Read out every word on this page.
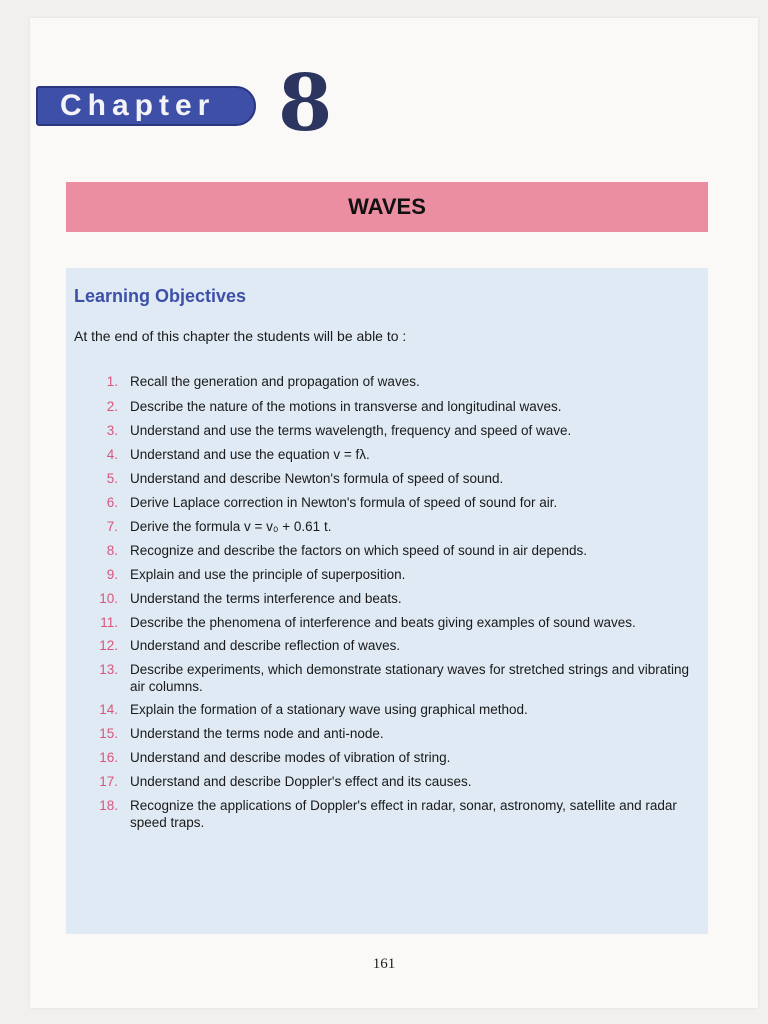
Chapter 8
WAVES
Learning Objectives
At the end of this chapter the students will be able to :
1. Recall the generation and propagation of waves.
2. Describe the nature of the motions in transverse and longitudinal waves.
3. Understand and use the terms wavelength, frequency and speed of wave.
4. Understand and use the equation v = fλ.
5. Understand and describe Newton's formula of speed of sound.
6. Derive Laplace correction in Newton's formula of speed of sound for air.
7. Derive the formula v = v₀ + 0.61 t.
8. Recognize and describe the factors on which speed of sound in air depends.
9. Explain and use the principle of superposition.
10. Understand the terms interference and beats.
11. Describe the phenomena of interference and beats giving examples of sound waves.
12. Understand and describe reflection of waves.
13. Describe experiments, which demonstrate stationary waves for stretched strings and vibrating air columns.
14. Explain the formation of a stationary wave using graphical method.
15. Understand the terms node and anti-node.
16. Understand and describe modes of vibration of string.
17. Understand and describe Doppler's effect and its causes.
18. Recognize the applications of Doppler's effect in radar, sonar, astronomy, satellite and radar speed traps.
161
